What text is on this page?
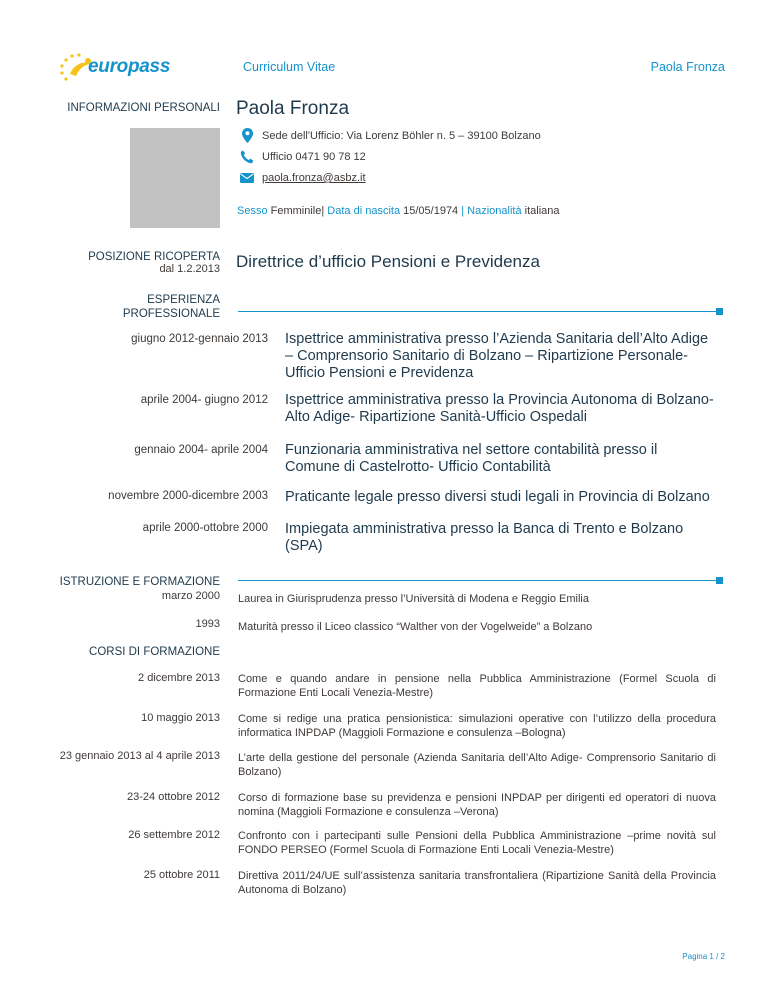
europass	Curriculum Vitae	Paola Fronza
INFORMAZIONI PERSONALI Paola Fronza
Sede dell'Ufficio: Via Lorenz Böhler n. 5 – 39100 Bolzano
Ufficio 0471 90 78 12
paola.fronza@asbz.it
Sesso Femminile| Data di nascita 15/05/1974 | Nazionalità italiana
POSIZIONE RICOPERTA
dal 1.2.2013 Direttrice d’ufficio Pensioni e Previdenza
ESPERIENZA
PROFESSIONALE
giugno 2012-gennaio 2013 Ispettrice amministrativa presso l’Azienda Sanitaria dell’Alto Adige – Comprensorio Sanitario di Bolzano – Ripartizione Personale-Ufficio Pensioni e Previdenza
aprile 2004- giugno 2012 Ispettrice amministrativa presso la Provincia Autonoma di Bolzano-Alto Adige- Ripartizione Sanità-Ufficio Ospedali
gennaio 2004- aprile 2004 Funzionaria amministrativa nel settore contabilità presso il Comune di Castelrotto- Ufficio Contabilità
novembre 2000-dicembre 2003 Praticante legale presso diversi studi legali in Provincia di Bolzano
aprile 2000-ottobre 2000 Impiegata amministrativa presso la Banca di Trento e Bolzano (SPA)
ISTRUZIONE E FORMAZIONE
marzo 2000 Laurea in Giurisprudenza presso l’Università di Modena e Reggio Emilia
1993 Maturità presso il Liceo classico “Walther von der Vogelweide” a Bolzano
CORSI DI FORMAZIONE
2 dicembre 2013 Come e quando andare in pensione nella Pubblica Amministrazione (Formel Scuola di Formazione Enti Locali Venezia-Mestre)
10 maggio 2013 Come si redige una pratica pensionistica: simulazioni operative con l’utilizzo della procedura informatica INPDAP (Maggioli Formazione e consulenza –Bologna)
23 gennaio 2013 al 4 aprile 2013 L’arte della gestione del personale (Azienda Sanitaria dell’Alto Adige- Comprensorio Sanitario di Bolzano)
23-24 ottobre 2012 Corso di formazione base su previdenza e pensioni INPDAP per dirigenti ed operatori di nuova nomina (Maggioli Formazione e consulenza –Verona)
26 settembre 2012 Confronto con i partecipanti sulle Pensioni della Pubblica Amministrazione –prime novità sul FONDO PERSEO (Formel Scuola di Formazione Enti Locali Venezia-Mestre)
25 ottobre 2011 Direttiva 2011/24/UE sull’assistenza sanitaria transfrontaliera (Ripartizione Sanità della Provincia Autonoma di Bolzano)
Pagina 1 / 2
